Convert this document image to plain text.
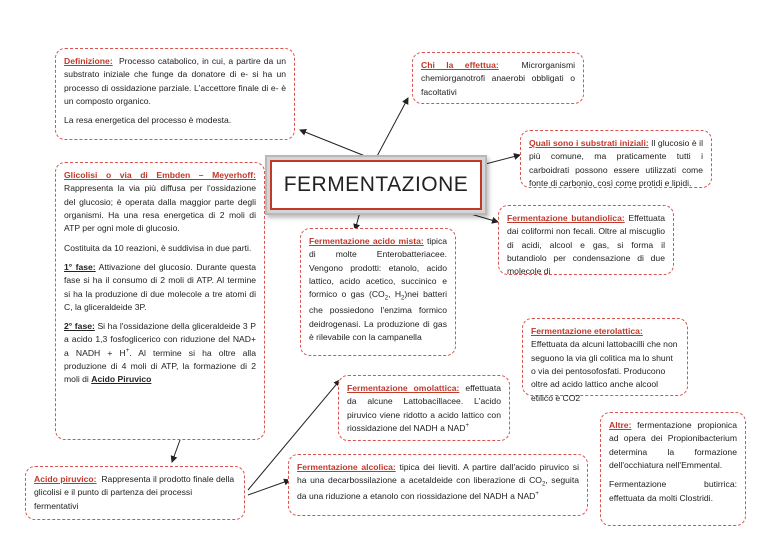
Definizione: Processo catabolico, in cui, a partire da un substrato iniziale che funge da donatore di e- si ha un processo di ossidazione parziale. L'accettore finale di e- è un composto organico.

La resa energetica del processo è modesta.

Chi la effettua:	Microrganismi chemiorganotrofi anaerobi obbligati o facoltativi
Quali sono i substrati iniziali: Il glucosio è il più comune, ma praticamente tutti i carboidrati possono essere utilizzati come fonte di carbonio, così come protidi e lipidi.
FERMENTAZIONE

Glicolisi o via di Embden – Meyerhoff: Rappresenta la via più diffusa per l'ossidazione del glucosio; è operata dalla maggior parte degli organismi. Ha una resa energetica di 2 moli di ATP per ogni mole di glucosio.

Costituita da 10 reazioni, è suddivisa in due parti.

1° fase: Attivazione del glucosio. Durante questa fase si ha il consumo di 2 moli di ATP. Al termine si ha la produzione di due molecole a tre atomi di C, la gliceraldeide 3P.

2° fase: Si ha l'ossidazione della gliceraldeide 3 P a acido 1,3 fosfoglicerico con riduzione del NAD+ a NADH + H+. Al termine si ha oltre alla produzione di 4 moli di ATP, la formazione di 2 moli di Acido Piruvico

Fermentazione acido mista: tipica di molte Enterobatteriacee. Vengono prodotti: etanolo, acido lattico, acido acetico, succinico e formico o gas ($CO_2$, $H_2)nei$ batteri che possiedono l'enzima formico deidrogenasi. La produzione di gas è rilevabile con la campanella
Fermentazione butandiolica: Effettuata dai coliformi non fecali. Oltre al miscuglio di acidi, alcool e gas, si forma il butandiolo per condensazione di due molecole di
Fermentazione eterolattica:
Effettuata da alcuni lattobacilli che non seguono la via gli colitica ma lo shunt o via dei pentosofosfati. Producono oltre ad acido lattico anche alcool etilico e CO2
Fermentazione omolattica: effettuata da alcune Lattobacillacee. L'acido piruvico viene ridotto a acido lattico con riossidazione del NADH a NAD+	Altre: fermentazione propionica ad opera dei Propionibacterium determina la formazione dell'occhiatura nell'Emmental.

Fermentazione butirrica: effettuata da molti Clostridi.

Fermentazione alcolica: tipica dei lieviti. A partire dall'acido piruvico si ha una decarbossilazione a acetaldeide con liberazione di $CO_2$, seguita da una riduzione a etanolo con riossidazione del NADH a NAD+
Acido piruvico: Rappresenta il prodotto finale della glicolisi e il punto di partenza dei processi fermentativi
